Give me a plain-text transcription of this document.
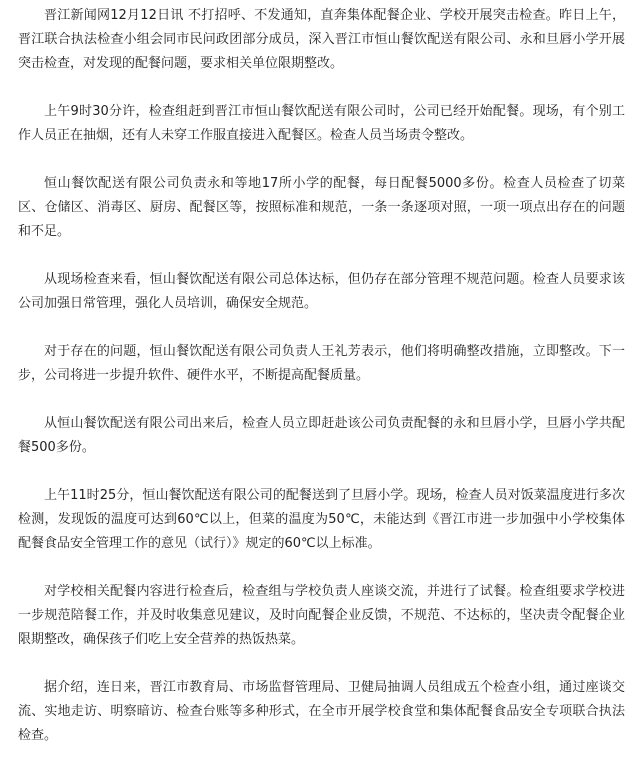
晋江新闻网12月12日讯 不打招呼、不发通知，直奔集体配餐企业、学校开展突击检查。昨日上午，晋江联合执法检查小组会同市民问政团部分成员，深入晋江市恒山餐饮配送有限公司、永和旦唇小学开展突击检查，对发现的配餐问题，要求相关单位限期整改。

上午9时30分许，检查组赶到晋江市恒山餐饮配送有限公司时，公司已经开始配餐。现场，有个别工作人员正在抽烟，还有人未穿工作服直接进入配餐区。检查人员当场责令整改。

恒山餐饮配送有限公司负责永和等地17所小学的配餐，每日配餐5000多份。检查人员检查了切菜区、仓储区、消毒区、厨房、配餐区等，按照标准和规范，一条一条逐项对照，一项一项点出存在的问题和不足。

从现场检查来看，恒山餐饮配送有限公司总体达标，但仍存在部分管理不规范问题。检查人员要求该公司加强日常管理，强化人员培训，确保安全规范。

对于存在的问题，恒山餐饮配送有限公司负责人王礼芳表示，他们将明确整改措施，立即整改。下一步，公司将进一步提升软件、硬件水平，不断提高配餐质量。

从恒山餐饮配送有限公司出来后，检查人员立即赶赴该公司负责配餐的永和旦唇小学，旦唇小学共配餐500多份。

上午11时25分，恒山餐饮配送有限公司的配餐送到了旦唇小学。现场，检查人员对饭菜温度进行多次检测，发现饭的温度可达到60℃以上，但菜的温度为50℃，未能达到《晋江市进一步加强中小学校集体配餐食品安全管理工作的意见（试行）》规定的60℃以上标准。

对学校相关配餐内容进行检查后，检查组与学校负责人座谈交流，并进行了试餐。检查组要求学校进一步规范陪餐工作，并及时收集意见建议，及时向配餐企业反馈，不规范、不达标的，坚决责令配餐企业限期整改，确保孩子们吃上安全营养的热饭热菜。

据介绍，连日来，晋江市教育局、市场监督管理局、卫健局抽调人员组成五个检查小组，通过座谈交流、实地走访、明察暗访、检查台账等多种形式，在全市开展学校食堂和集体配餐食品安全专项联合执法检查。
